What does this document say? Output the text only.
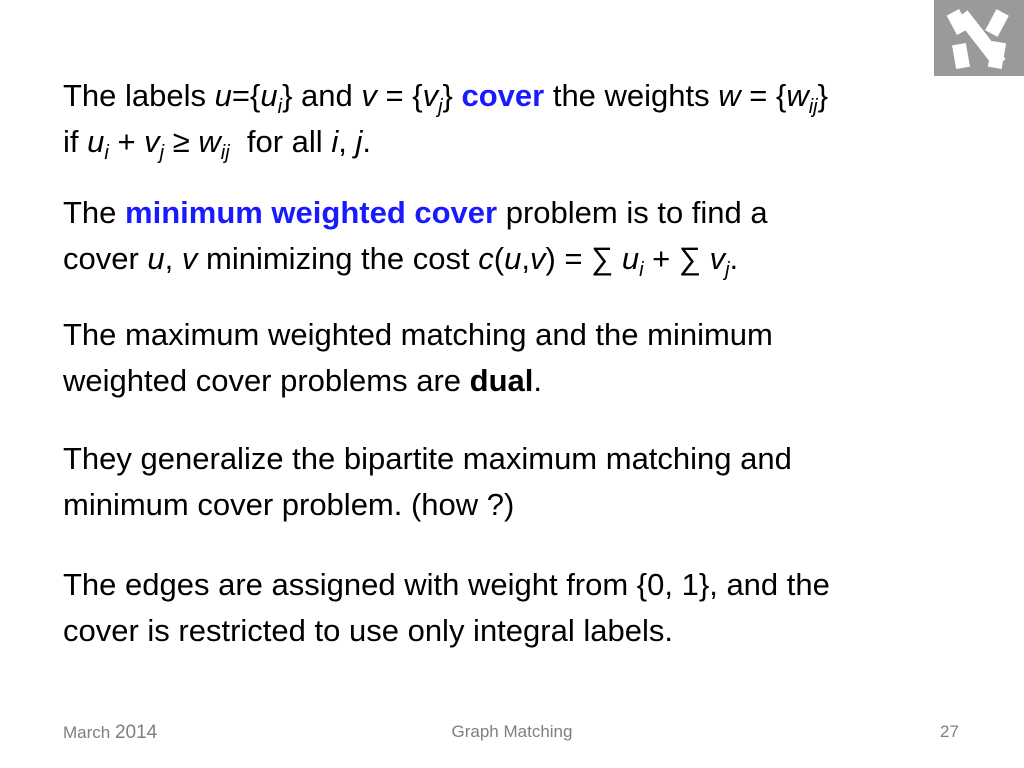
The labels $u=\{u_i\}$ and $v = \{v_j\}$ cover the weights $w = \{w_{ij}\}$
if $u_i + v_j \ge w_{ij}$  for all i, j.
The minimum weighted cover problem is to find a
cover u, v minimizing the cost c(u,v) = ∑ $u_i$ + ∑ $v_j$.
The maximum weighted matching and the minimum
weighted cover problems are dual.
They generalize the bipartite maximum matching and
minimum cover problem. (how ?)
The edges are assigned with weight from {0, 1}, and the
cover is restricted to use only integral labels.
March 2014	Graph Matching	27
